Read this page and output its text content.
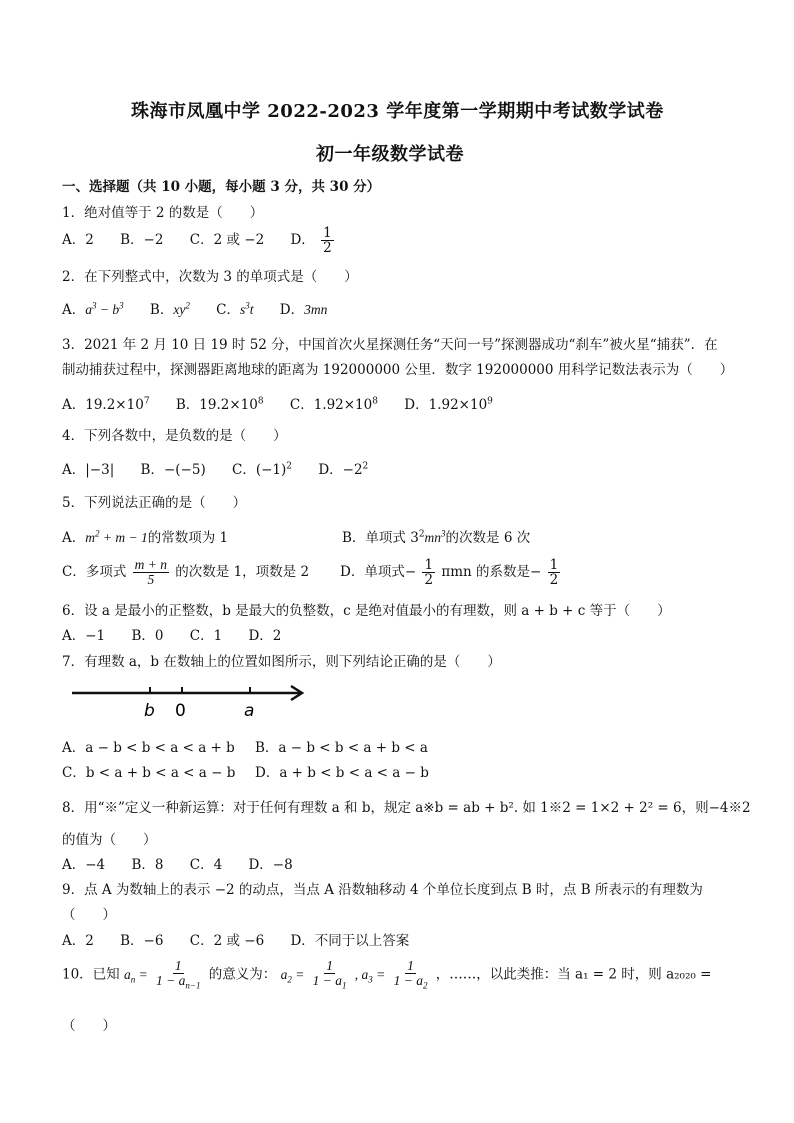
珠海市凤凰中学 2022-2023 学年度第一学期期中考试数学试卷
初一年级数学试卷
一、选择题（共 10 小题，每小题 3 分，共 30 分）
1．绝对值等于 2 的数是（　　）
A．2 B．−2 C．2 或 −2 D． $\frac{1}{2}$
2．在下列整式中，次数为 3 的单项式是（　　）
A．$a^3 - b^3$ B．$xy^2$ C．$s^3t$ D．3mn
3．2021 年 2 月 10 日 19 时 52 分，中国首次火星探测任务“天问一号”探测器成功“刹车”被火星“捕获”．在
制动捕获过程中，探测器距离地球的距离为 192000000 公里．数字 192000000 用科学记数法表示为（　　）
A．$19.2\times 10^7$ B．$19.2\times 10^8$ C．$1.92\times 10^8$ D．$1.92\times 10^9$
4．下列各数中，是负数的是（　　）
A．|−3| B．−(−5) C．$(-1)^2$ D．$-2^2$
5．下列说法正确的是（　　）
A．$m^2 + m - 1$的常数项为 1	B．单项式 $3^2mn^3$的次数是 6 次
C．多项式 $\frac{m + n}{5}$ 的次数是 1，项数是 2 D．单项式− $\frac{1}{2}$ πmn 的系数是− $\frac{1}{2}$
6．设 a 是最小的正整数，b 是最大的负整数，c 是绝对值最小的有理数，则 a + b + c 等于（　　）
A．−1 B．0 C．1 D．2
7．有理数 a，b 在数轴上的位置如图所示，则下列结论正确的是（　　）
b 0	a
A．a − b < b < a < a + b B．a − b < b < a + b < a
C．b < a + b < a < a − b D．a + b < b < a < a − b
8．用“※”定义一种新运算：对于任何有理数 a 和 b，规定 a※b = ab + b². 如 1※2 = 1×2 + 2² = 6，则−4※2
的值为（　　）
A．−4 B．8 C．4 D．−8
9．点 A 为数轴上的表示 −2 的动点，当点 A 沿数轴移动 4 个单位长度到点 B 时，点 B 所表示的有理数为
（　　）
A．2 B．−6 C．2 或 −6 D．不同于以上答案
10．已知 $a_n = \frac{1}{1 - a_{n-1}}$ 的意义为： $a_2 = \frac{1}{1 - a_1}$ , $a_3 = \frac{1}{1 - a_2}$ ，……，以此类推：当 a₁ = 2 时，则 a₂₀₂₀ =
（　　）
